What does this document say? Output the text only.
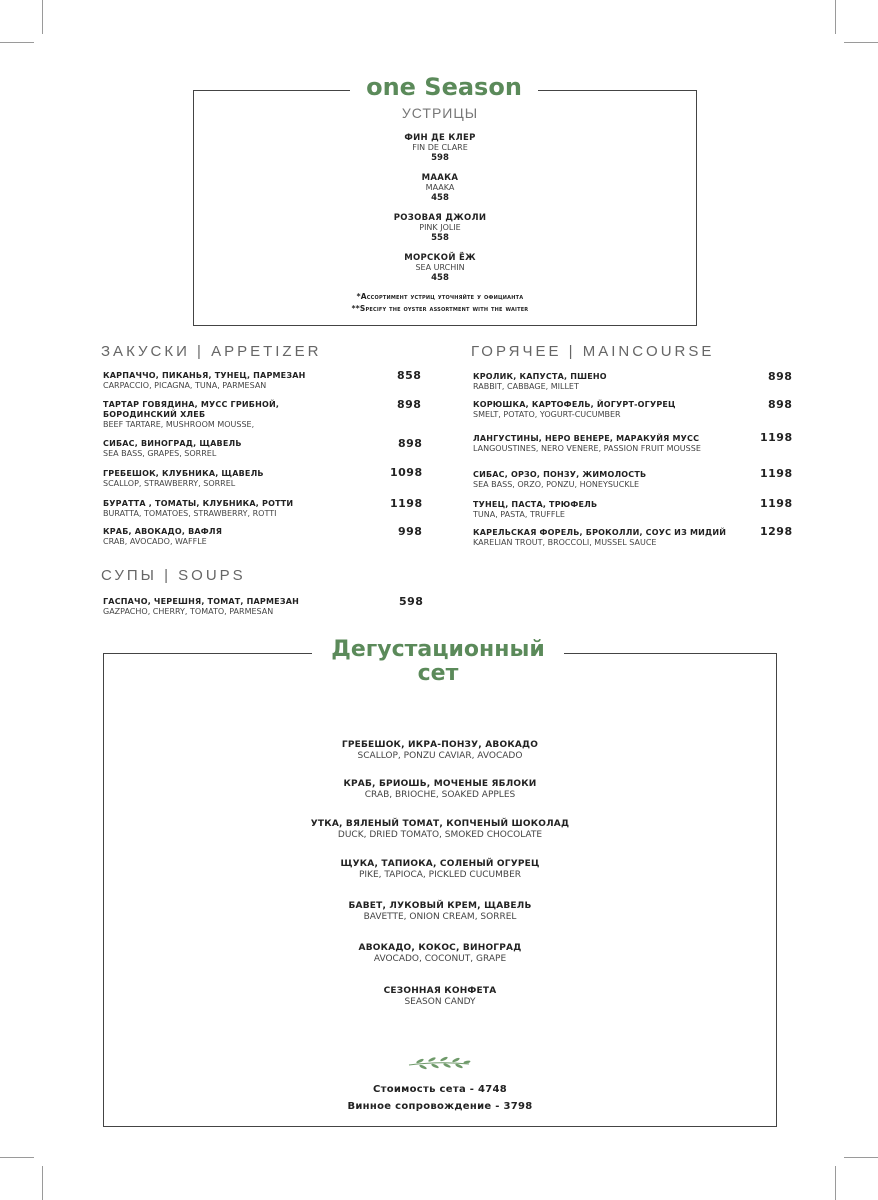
one Season
УСТРИЦЫ
ФИН ДЕ КЛЕР
FIN DE CLARE
598
МААКА
MAAKA
458
РОЗОВАЯ ДЖОЛИ
PINK JOLIE
558
МОРСКОЙ ЁЖ
SEA URCHIN
458
*Ассортимент устриц уточняйте у официанта
**Specify the oyster assortment with the waiter
ЗАКУСКИ | APPETIZER
КАРПАЧЧО, ПИКАНЬЯ, ТУНЕЦ, ПАРМЕЗАН
CARPACCIO, PICAGNA, TUNA, PARMESAN
858
ТАРТАР ГОВЯДИНА, МУСС ГРИБНОЙ,
БОРОДИНСКИЙ ХЛЕБ
BEEF TARTARE, MUSHROOM MOUSSE,
898
СИБАС, ВИНОГРАД, ЩАВЕЛЬ
SEA BASS, GRAPES, SORREL
898
ГРЕБЕШОК, КЛУБНИКА, ЩАВЕЛЬ
SCALLOP, STRAWBERRY, SORREL
1098
БУРАТТА , ТОМАТЫ, КЛУБНИКА, РОТТИ
BURATTA, TOMATOES, STRAWBERRY, ROTTI
1198
КРАБ, АВОКАДО, ВАФЛЯ
CRAB, AVOCADO, WAFFLE
998
СУПЫ | SOUPS
ГАСПАЧО, ЧЕРЕШНЯ, ТОМАТ, ПАРМЕЗАН
GAZPACHO, CHERRY, TOMATO, PARMESAN
598
ГОРЯЧЕЕ | MAINCOURSE
КРОЛИК, КАПУСТА, ПШЕНО
RABBIT, CABBAGE, MILLET
898
КОРЮШКА, КАРТОФЕЛЬ, ЙОГУРТ-ОГУРЕЦ
SMELT, POTATO, YOGURT-CUCUMBER
898
ЛАНГУСТИНЫ, НЕРО ВЕНЕРЕ, МАРАКУЙЯ МУСС
LANGOUSTINES, NERO VENERE, PASSION FRUIT MOUSSE
1198
СИБАС, ОРЗО, ПОНЗУ, ЖИМОЛОСТЬ
SEA BASS, ORZO, PONZU, HONEYSUCKLE
1198
ТУНЕЦ, ПАСТА, ТРЮФЕЛЬ
TUNA, PASTA, TRUFFLE
1198
КАРЕЛЬСКАЯ ФОРЕЛЬ, БРОКОЛЛИ, СОУС ИЗ МИДИЙ
KARELIAN TROUT, BROCCOLI, MUSSEL SAUCE
1298
Дегустационный
сет
ГРЕБЕШОК, ИКРА-ПОНЗУ, АВОКАДО
SCALLOP, PONZU CAVIAR, AVOCADO
КРАБ, БРИОШЬ, МОЧЕНЫЕ ЯБЛОКИ
CRAB, BRIOCHE, SOAKED APPLES
УТКА, ВЯЛЕНЫЙ ТОМАТ, КОПЧЕНЫЙ ШОКОЛАД
DUCK, DRIED TOMATO, SMOKED CHOCOLATE
ЩУКА, ТАПИОКА, СОЛЕНЫЙ ОГУРЕЦ
PIKE, TAPIOCA, PICKLED CUCUMBER
БАВЕТ, ЛУКОВЫЙ КРЕМ, ЩАВЕЛЬ
BAVETTE, ONION CREAM, SORREL
АВОКАДО, КОКОС, ВИНОГРАД
AVOCADO, COCONUT, GRAPE
СЕЗОННАЯ КОНФЕТА
SEASON CANDY
Стоимость сета - 4748
Винное сопровождение - 3798
